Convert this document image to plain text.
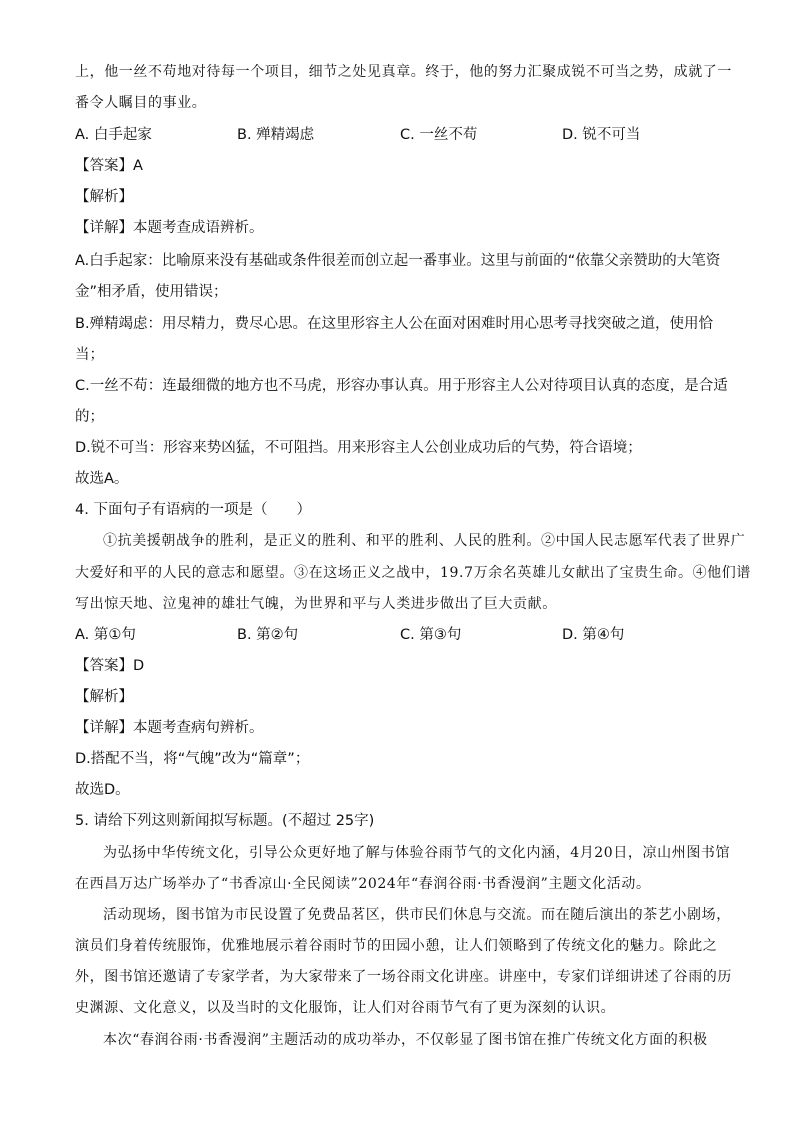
上，他一丝不苟地对待每一个项目，细节之处见真章。终于，他的努力汇聚成锐不可当之势，成就了一
番令人瞩目的事业。
A. 白手起家	B. 殚精竭虑	C. 一丝不苟	D. 锐不可当
【答案】A
【解析】
【详解】本题考查成语辨析。
A.白手起家：比喻原来没有基础或条件很差而创立起一番事业。这里与前面的“依靠父亲赞助的大笔资
金”相矛盾，使用错误；
B.殚精竭虑：用尽精力，费尽心思。在这里形容主人公在面对困难时用心思考寻找突破之道，使用恰
当；
C.一丝不苟：连最细微的地方也不马虎，形容办事认真。用于形容主人公对待项目认真的态度，是合适
的；
D.锐不可当：形容来势凶猛，不可阻挡。用来形容主人公创业成功后的气势，符合语境；
故选A。
4. 下面句子有语病的一项是（　　）
①抗美援朝战争的胜利，是正义的胜利、和平的胜利、人民的胜利。②中国人民志愿军代表了世界广
大爱好和平的人民的意志和愿望。③在这场正义之战中，19.7万余名英雄儿女献出了宝贵生命。④他们谱
写出惊天地、泣鬼神的雄壮气魄，为世界和平与人类进步做出了巨大贡献。
A. 第①句	B. 第②句	C. 第③句	D. 第④句
【答案】D
【解析】
【详解】本题考查病句辨析。
D.搭配不当，将“气魄”改为“篇章”；
故选D。
5. 请给下列这则新闻拟写标题。(不超过 25字)
为弘扬中华传统文化，引导公众更好地了解与体验谷雨节气的文化内涵，4月20日，凉山州图书馆
在西昌万达广场举办了“书香凉山·全民阅读”2024年“春润谷雨·书香漫润”主题文化活动。
活动现场，图书馆为市民设置了免费品茗区，供市民们休息与交流。而在随后演出的茶艺小剧场，
演员们身着传统服饰，优雅地展示着谷雨时节的田园小憩，让人们领略到了传统文化的魅力。除此之
外，图书馆还邀请了专家学者，为大家带来了一场谷雨文化讲座。讲座中，专家们详细讲述了谷雨的历
史渊源、文化意义，以及当时的文化服饰，让人们对谷雨节气有了更为深刻的认识。
本次“春润谷雨·书香漫润”主题活动的成功举办，不仅彰显了图书馆在推广传统文化方面的积极
